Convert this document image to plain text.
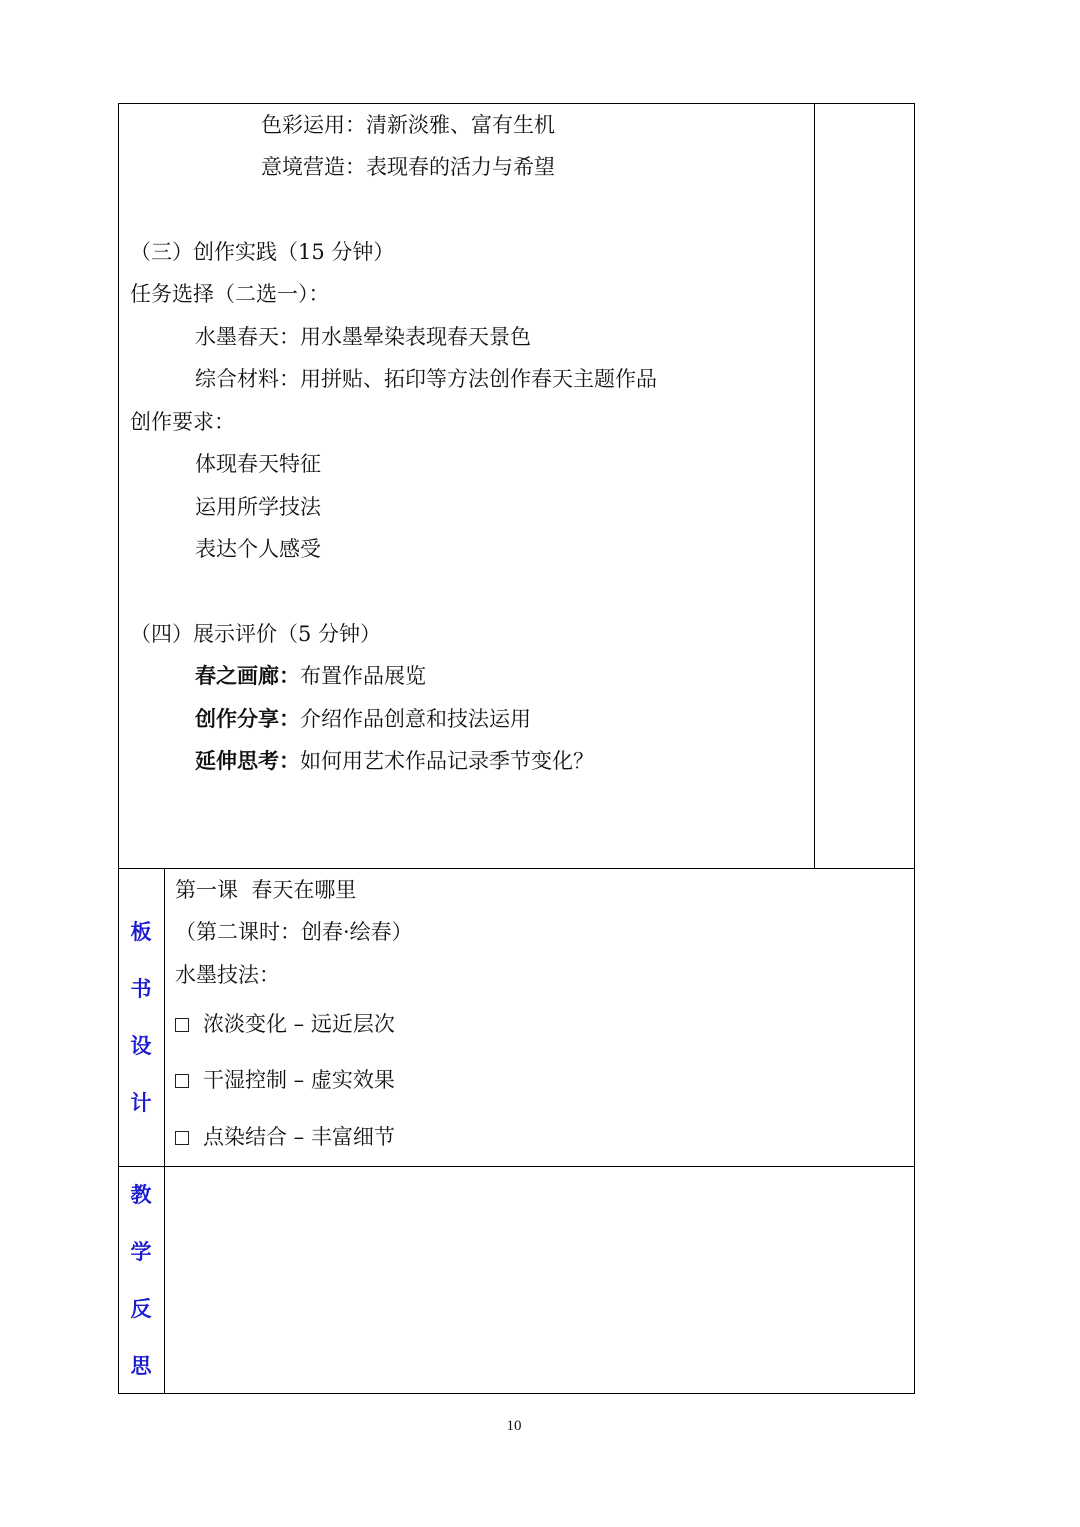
色彩运用：清新淡雅、富有生机
意境营造：表现春的活力与希望
（三）创作实践（15 分钟）
任务选择（二选一）：
水墨春天：用水墨晕染表现春天景色
综合材料：用拼贴、拓印等方法创作春天主题作品
创作要求：
体现春天特征
运用所学技法
表达个人感受
（四）展示评价（5 分钟）
春之画廊：布置作品展览
创作分享：介绍作品创意和技法运用
延伸思考：如何用艺术作品记录季节变化？
板
书
设
计
第一课  春天在哪里
（第二课时：创春·绘春）
水墨技法：
浓淡变化 – 远近层次
干湿控制 – 虚实效果
点染结合 – 丰富细节
教
学
反
思
10
